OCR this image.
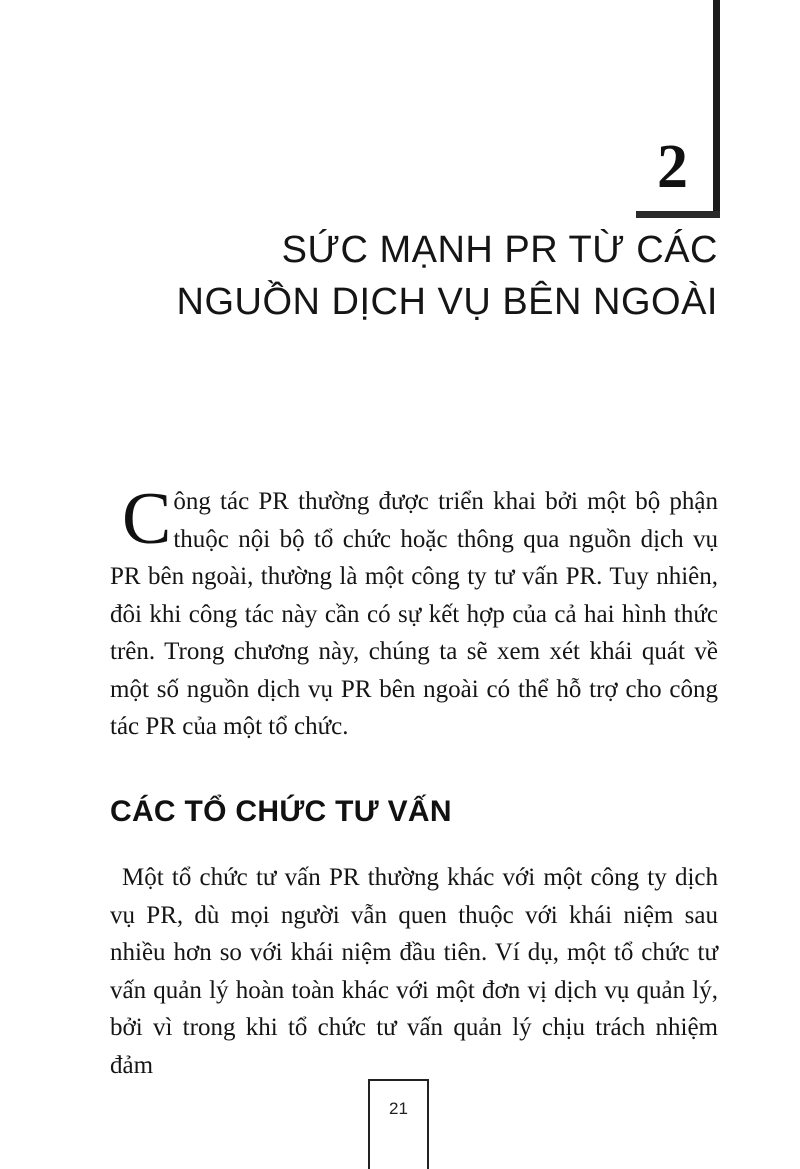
2
SỨC MẠNH PR TỪ CÁC
NGUỒN DỊCH VỤ BÊN NGOÀI

C ông tác PR thường được triển khai bởi một bộ phận thuộc nội bộ tổ chức hoặc thông qua nguồn dịch vụ PR bên ngoài, thường là một công ty tư vấn PR. Tuy nhiên, đôi khi công tác này cần có sự kết hợp của cả hai hình thức trên. Trong chương này, chúng ta sẽ xem xét khái quát về một số nguồn dịch vụ PR bên ngoài có thể hỗ trợ cho công tác PR của một tổ chức.

CÁC TỔ CHỨC TƯ VẤN

Một tổ chức tư vấn PR thường khác với một công ty dịch vụ PR, dù mọi người vẫn quen thuộc với khái niệm sau nhiều hơn so với khái niệm đầu tiên. Ví dụ, một tổ chức tư vấn quản lý hoàn toàn khác với một đơn vị dịch vụ quản lý, bởi vì trong khi tổ chức tư vấn quản lý chịu trách nhiệm đảm

21
